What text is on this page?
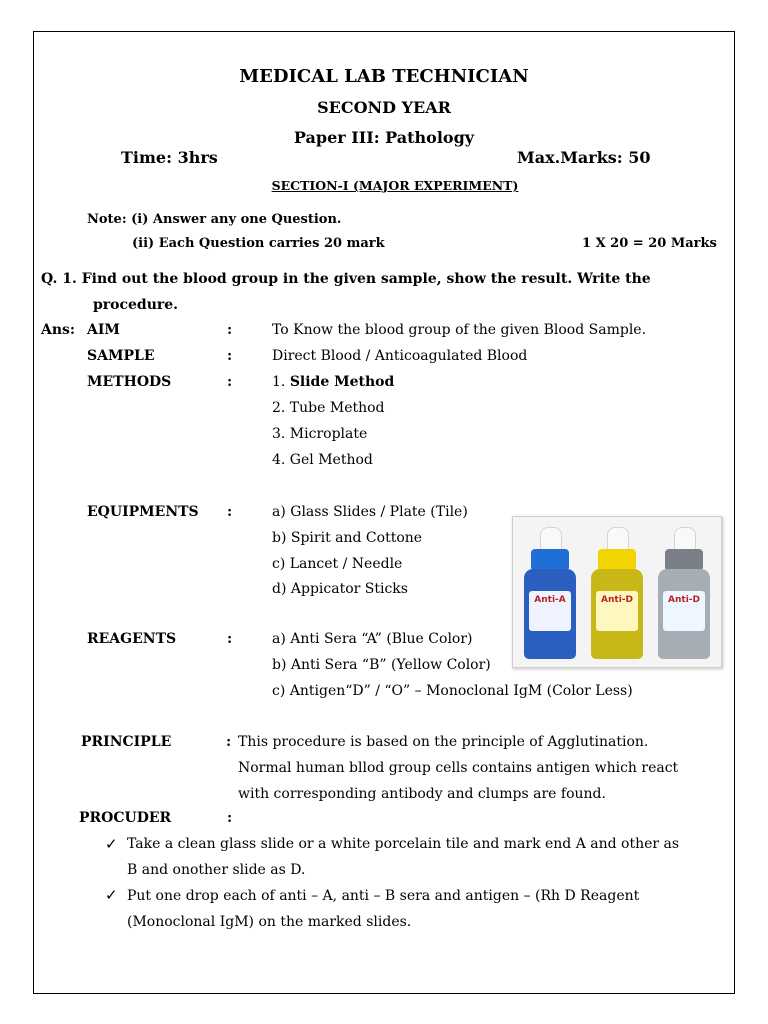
MEDICAL LAB TECHNICIAN
SECOND YEAR
Paper III: Pathology
Time: 3hrs	Max.Marks: 50
SECTION-I (MAJOR EXPERIMENT)
Note: (i) Answer any one Question.
(ii) Each Question carries 20 mark	1 X 20 = 20 Marks
Q. 1. Find out the blood group in the given sample, show the result. Write the
procedure.
Ans: AIM	:	To Know the blood group of the given Blood Sample.
SAMPLE	:	Direct Blood / Anticoagulated Blood
METHODS	:	1. Slide Method
2. Tube Method
3. Microplate
4. Gel Method
EQUIPMENTS :	a) Glass Slides / Plate (Tile)
b) Spirit and Cottone
c) Lancet / Needle
d) Appicator Sticks
REAGENTS	:	a) Anti Sera “A” (Blue Color)
b) Anti Sera “B” (Yellow Color)
c) Antigen“D” / “O” – Monoclonal IgM (Color Less)
PRINCIPLE	: This procedure is based on the principle of Agglutination.
Normal human bllod group cells contains antigen which react
with corresponding antibody and clumps are found.
PROCUDER	:
✓ Take a clean glass slide or a white porcelain tile and mark end A and other as
B and onother slide as D.
✓ Put one drop each of anti – A, anti – B sera and antigen – (Rh D Reagent
(Monoclonal IgM) on the marked slides.
Anti-A	Anti-D	Anti-D
